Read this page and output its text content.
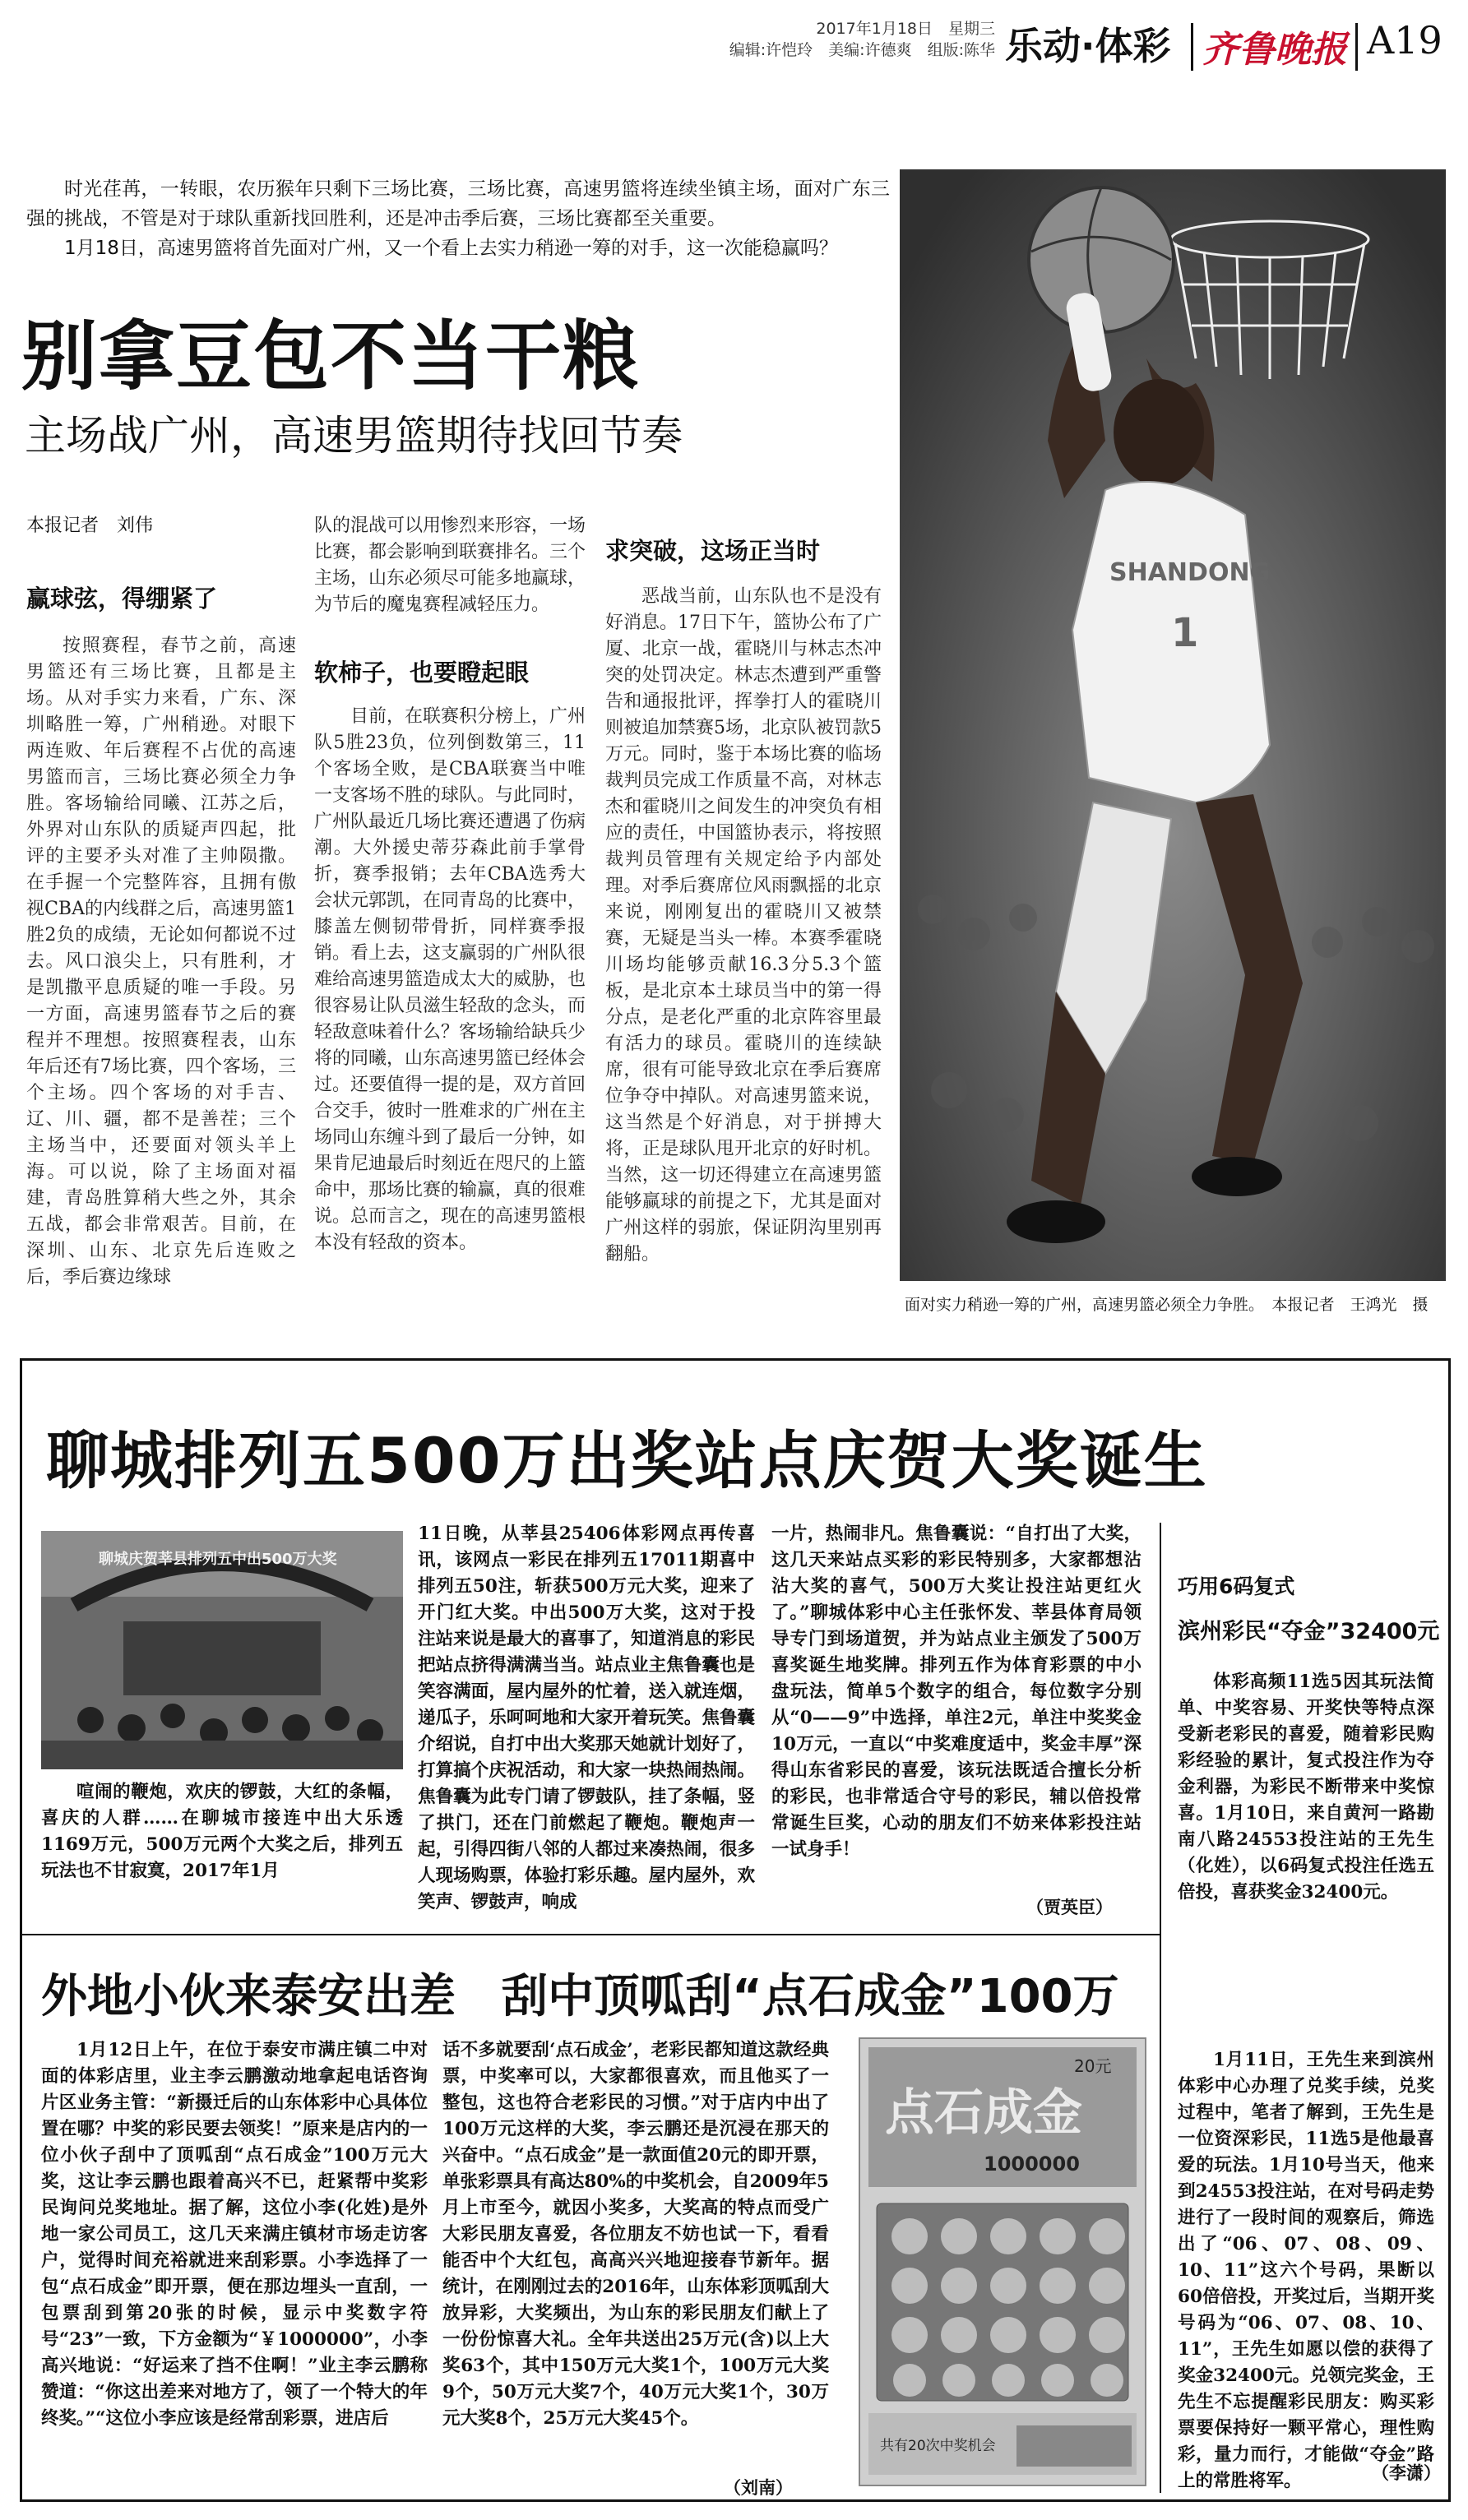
2017年1月18日　星期三
编辑:许恺玲　美编:许德爽　组版:陈华 乐动·体彩 齐鲁晚报 A19
时光荏苒，一转眼，农历猴年只剩下三场比赛，三场比赛，高速男篮将连续坐镇主场，面对广东三强的挑战，不管是对于球队重新找回胜利，还是冲击季后赛，三场比赛都至关重要。
1月18日，高速男篮将首先面对广州，又一个看上去实力稍逊一筹的对手，这一次能稳赢吗？
别拿豆包不当干粮
主场战广州，高速男篮期待找回节奏
本报记者　刘伟
赢球弦，得绷紧了
按照赛程，春节之前，高速男篮还有三场比赛，且都是主场。从对手实力来看，广东、深圳略胜一筹，广州稍逊。对眼下两连败、年后赛程不占优的高速男篮而言，三场比赛必须全力争胜。客场输给同曦、江苏之后，外界对山东队的质疑声四起，批评的主要矛头对准了主帅陨撒。在手握一个完整阵容，且拥有傲视CBA的内线群之后，高速男篮1胜2负的成绩，无论如何都说不过去。风口浪尖上，只有胜利，才是凯撒平息质疑的唯一手段。另一方面，高速男篮春节之后的赛程并不理想。按照赛程表，山东年后还有7场比赛，四个客场，三个主场。四个客场的对手吉、辽、川、疆，都不是善茬；三个主场当中，还要面对领头羊上海。可以说，除了主场面对福建，青岛胜算稍大些之外，其余五战，都会非常艰苦。目前，在深圳、山东、北京先后连败之后，季后赛边缘球
队的混战可以用惨烈来形容，一场比赛，都会影响到联赛排名。三个主场，山东必须尽可能多地赢球，为节后的魔鬼赛程减轻压力。
软柿子，也要瞪起眼
目前，在联赛积分榜上，广州队5胜23负，位列倒数第三，11个客场全败，是CBA联赛当中唯一支客场不胜的球队。与此同时，广州队最近几场比赛还遭遇了伤病潮。大外援史蒂芬森此前手掌骨折，赛季报销；去年CBA选秀大会状元郭凯，在同青岛的比赛中，膝盖左侧韧带骨折，同样赛季报销。看上去，这支赢弱的广州队很难给高速男篮造成太大的威胁，也很容易让队员滋生轻敌的念头，而轻敌意味着什么？客场输给缺兵少将的同曦，山东高速男篮已经体会过。还要值得一提的是，双方首回合交手，彼时一胜难求的广州在主场同山东缠斗到了最后一分钟，如果肯尼迪最后时刻近在咫尺的上篮命中，那场比赛的输赢，真的很难说。总而言之，现在的高速男篮根本没有轻敌的资本。
求突破，这场正当时
恶战当前，山东队也不是没有好消息。17日下午，篮协公布了广厦、北京一战，霍晓川与林志杰冲突的处罚决定。林志杰遭到严重警告和通报批评，挥拳打人的霍晓川则被追加禁赛5场，北京队被罚款5万元。同时，鉴于本场比赛的临场裁判员完成工作质量不高，对林志杰和霍晓川之间发生的冲突负有相应的责任，中国篮协表示，将按照裁判员管理有关规定给予内部处理。对季后赛席位风雨飘摇的北京来说，刚刚复出的霍晓川又被禁赛，无疑是当头一棒。本赛季霍晓川场均能够贡献16.3分5.3个篮板，是北京本土球员当中的第一得分点，是老化严重的北京阵容里最有活力的球员。霍晓川的连续缺席，很有可能导致北京在季后赛席位争夺中掉队。对高速男篮来说，这当然是个好消息，对于拼搏大将，正是球队甩开北京的好时机。当然，这一切还得建立在高速男篮能够赢球的前提之下，尤其是面对广州这样的弱旅，保证阴沟里别再翻船。
SHANDONG
1
面对实力稍逊一筹的广州，高速男篮必须全力争胜。　本报记者　王鸿光　摄
聊城排列五500万出奖站点庆贺大奖诞生
聊城庆贺莘县排列五中出500万大奖
喧闹的鞭炮，欢庆的锣鼓，大红的条幅，喜庆的人群……在聊城市接连中出大乐透1169万元，500万元两个大奖之后，排列五玩法也不甘寂寞，2017年1月
11日晚，从莘县25406体彩网点再传喜讯，该网点一彩民在排列五17011期喜中排列五50注，斩获500万元大奖，迎来了开门红大奖。中出500万大奖，这对于投注站来说是最大的喜事了，知道消息的彩民把站点挤得满满当当。站点业主焦鲁囊也是笑容满面，屋内屋外的忙着，送入就连烟，递瓜子，乐呵呵地和大家开着玩笑。焦鲁囊介绍说，自打中出大奖那天她就计划好了，打算搞个庆祝活动，和大家一块热闹热闹。焦鲁囊为此专门请了锣鼓队，挂了条幅，竖了拱门，还在门前燃起了鞭炮。鞭炮声一起，引得四街八邻的人都过来凑热闹，很多人现场购票，体验打彩乐趣。屋内屋外，欢笑声、锣鼓声，响成
一片，热闹非凡。焦鲁囊说：“自打出了大奖，这几天来站点买彩的彩民特别多，大家都想沾沾大奖的喜气，500万大奖让投注站更红火了。”聊城体彩中心主任张怀发、莘县体育局领导专门到场道贺，并为站点业主颁发了500万喜奖诞生地奖牌。排列五作为体育彩票的中小盘玩法，简单5个数字的组合，每位数字分别从“0——9”中选择，单注2元，单注中奖奖金10万元，一直以“中奖难度适中，奖金丰厚”深得山东省彩民的喜爱，该玩法既适合擅长分析的彩民，也非常适合守号的彩民，辅以倍投常常诞生巨奖，心动的朋友们不妨来体彩投注站一试身手！
（贾英臣）
巧用6码复式
滨州彩民“夺金”32400元
体彩高频11选5因其玩法简单、中奖容易、开奖快等特点深受新老彩民的喜爱，随着彩民购彩经验的累计，复式投注作为夺金利器，为彩民不断带来中奖惊喜。1月10日，来自黄河一路勘南八路24553投注站的王先生（化姓），以6码复式投注任选五倍投，喜获奖金32400元。
1月11日，王先生来到滨州体彩中心办理了兑奖手续，兑奖过程中，笔者了解到，王先生是一位资深彩民，11选5是他最喜爱的玩法。1月10号当天，他来到24553投注站，在对号码走势进行了一段时间的观察后，筛选出了“06、07、08、09、10、11”这六个号码，果断以60倍倍投，开奖过后，当期开奖号码为“06、07、08、10、11”，王先生如愿以偿的获得了奖金32400元。兑领完奖金，王先生不忘提醒彩民朋友：购买彩票要保持好一颗平常心，理性购彩，量力而行，才能做“夺金”路上的常胜将军。	（李潇）
外地小伙来泰安出差　刮中顶呱刮“点石成金”100万
1月12日上午，在位于泰安市满庄镇二中对面的体彩店里，业主李云鹏激动地拿起电话咨询片区业务主管：“新摄迁后的山东体彩中心具体位置在哪？中奖的彩民要去领奖！”原来是店内的一位小伙子刮中了顶呱刮“点石成金”100万元大奖，这让李云鹏也跟着高兴不已，赶紧帮中奖彩民询问兑奖地址。据了解，这位小李(化姓)是外地一家公司员工，这几天来满庄镇材市场走访客户，觉得时间充裕就进来刮彩票。小李选择了一包“点石成金”即开票，便在那边埋头一直刮，一包票刮到第20张的时候，显示中奖数字符号“23”一致，下方金额为“￥1000000”，小李高兴地说：“好运来了挡不住啊！”业主李云鹏称赞道：“你这出差来对地方了，领了一个特大的年终奖。”“这位小李应该是经常刮彩票，进店后
话不多就要刮‘点石成金’，老彩民都知道这款经典票，中奖率可以，大家都很喜欢，而且他买了一整包，这也符合老彩民的习惯。”对于店内中出了100万元这样的大奖，李云鹏还是沉浸在那天的兴奋中。“点石成金”是一款面值20元的即开票，单张彩票具有高达80%的中奖机会，自2009年5月上市至今，就因小奖多，大奖高的特点而受广大彩民朋友喜爱，各位朋友不妨也试一下，看看能否中个大红包，高高兴兴地迎接春节新年。据统计，在刚刚过去的2016年，山东体彩顶呱刮大放异彩，大奖频出，为山东的彩民朋友们献上了一份份惊喜大礼。全年共送出25万元(含)以上大奖63个，其中150万元大奖1个，100万元大奖9个，50万元大奖7个，40万元大奖1个，30万元大奖8个，25万元大奖45个。
（刘南）
点石成金
20元
1000000
共有20次中奖机会
